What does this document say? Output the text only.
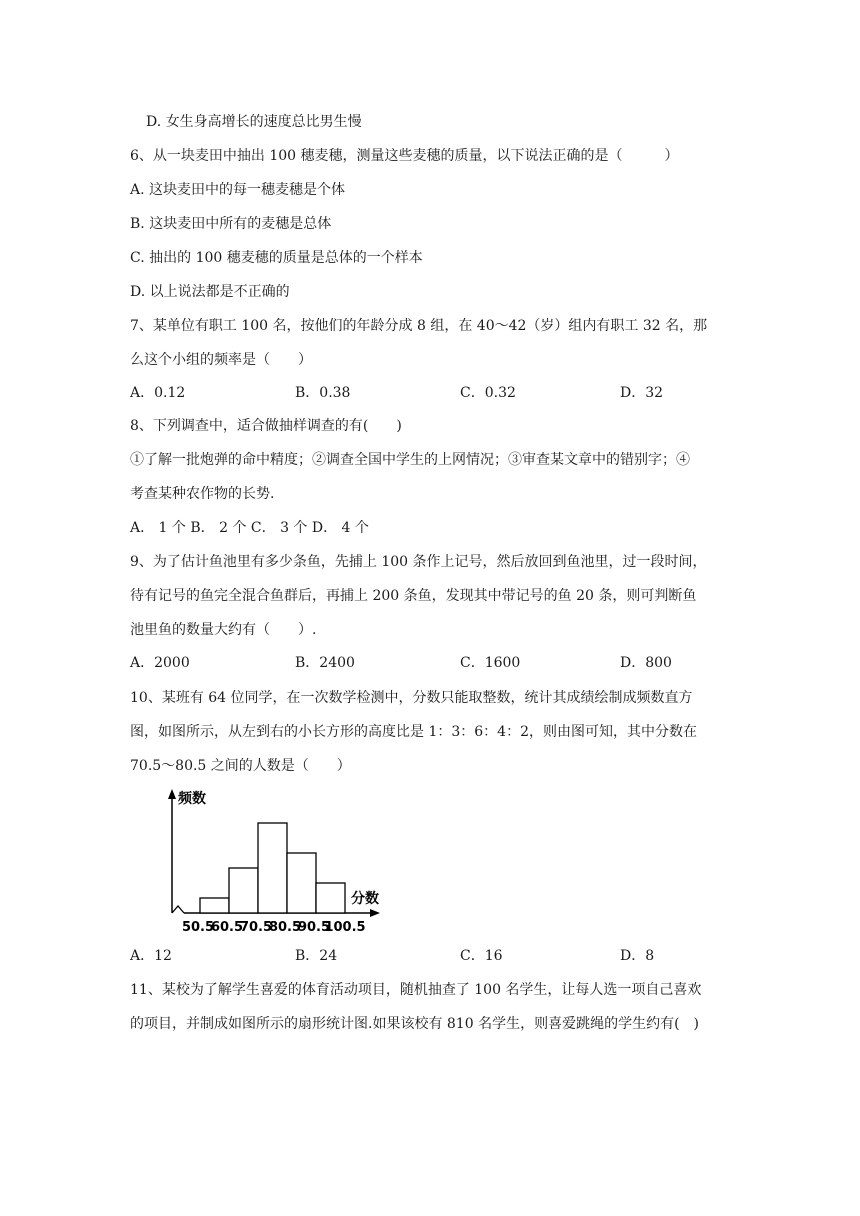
D. 女生身高增长的速度总比男生慢
6、从一块麦田中抽出 100 穗麦穗，测量这些麦穗的质量，以下说法正确的是（　　　）
A. 这块麦田中的每一穗麦穗是个体
B. 这块麦田中所有的麦穗是总体
C. 抽出的 100 穗麦穗的质量是总体的一个样本
D. 以上说法都是不正确的
7、某单位有职工 100 名，按他们的年龄分成 8 组，在 40～42（岁）组内有职工 32 名，那
么这个小组的频率是（　　）
A．0.12	B．0.38	C．0.32	D．32
8、下列调查中，适合做抽样调查的有(　　)
①了解一批炮弹的命中精度；②调查全国中学生的上网情况；③审查某文章中的错别字；④
考查某种农作物的长势.
A． 1 个 B． 2 个 C． 3 个 D． 4 个
9、为了估计鱼池里有多少条鱼，先捕上 100 条作上记号，然后放回到鱼池里，过一段时间，
待有记号的鱼完全混合鱼群后，再捕上 200 条鱼，发现其中带记号的鱼 20 条，则可判断鱼
池里鱼的数量大约有（　　）.
A．2000	B．2400	C．1600	D．800
10、某班有 64 位同学，在一次数学检测中，分数只能取整数，统计其成绩绘制成频数直方
图，如图所示，从左到右的小长方形的高度比是 1：3：6：4：2，则由图可知，其中分数在
70.5～80.5 之间的人数是（　　）
频数
分数
50.5
60.5
70.5
80.5
90.5
100.5
A．12	B．24	C．16	D．8
11、某校为了解学生喜爱的体育活动项目，随机抽查了 100 名学生，让每人选一项自己喜欢
的项目，并制成如图所示的扇形统计图.如果该校有 810 名学生，则喜爱跳绳的学生约有(　)
